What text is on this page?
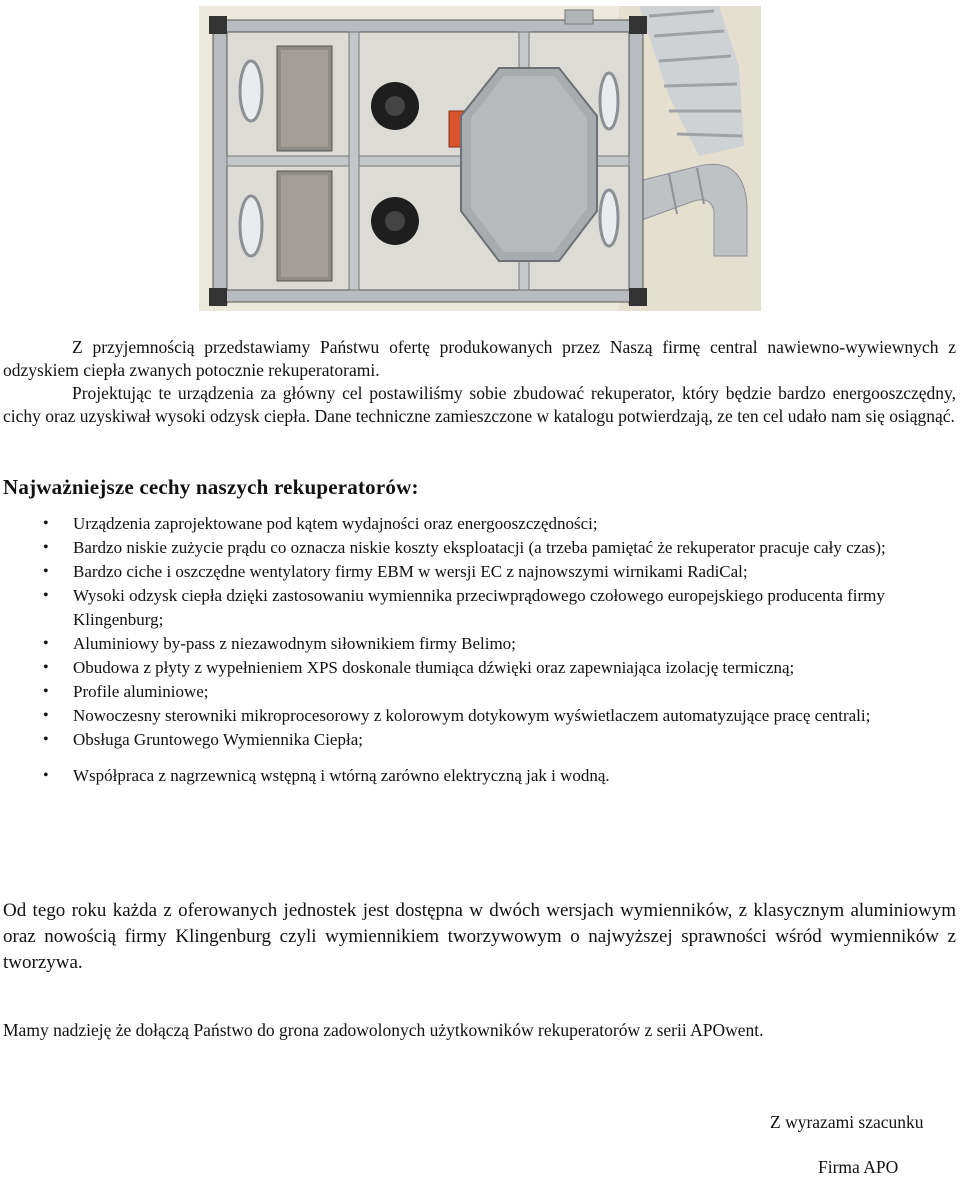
Z przyjemnością przedstawiamy Państwu ofertę produkowanych przez Naszą firmę central nawiewno-wywiewnych z odzyskiem ciepła zwanych potocznie rekuperatorami.

Projektując te urządzenia za główny cel postawiliśmy sobie zbudować rekuperator, który będzie bardzo energooszczędny, cichy oraz uzyskiwał wysoki odzysk ciepła. Dane techniczne zamieszczone w katalogu potwierdzają, ze ten cel udało nam się osiągnąć.

Najważniejsze cechy naszych rekuperatorów:
• Urządzenia zaprojektowane pod kątem wydajności oraz energooszczędności;
• Bardzo niskie zużycie prądu co oznacza niskie koszty eksploatacji (a trzeba pamiętać że rekuperator pracuje cały czas);
• Bardzo ciche i oszczędne wentylatory firmy EBM w wersji EC z najnowszymi wirnikami RadiCal;
• Wysoki odzysk ciepła dzięki zastosowaniu wymiennika przeciwprądowego czołowego europejskiego producenta firmy Klingenburg;
• Aluminiowy by-pass z niezawodnym siłownikiem firmy Belimo;
• Obudowa z płyty z wypełnieniem XPS doskonale tłumiąca dźwięki oraz zapewniająca izolację termiczną;
• Profile aluminiowe;
• Nowoczesny sterowniki mikroprocesorowy z kolorowym dotykowym wyświetlaczem automatyzujące pracę centrali;
• Obsługa Gruntowego Wymiennika Ciepła;
• Współpraca z nagrzewnicą wstępną i wtórną zarówno elektryczną jak i wodną.

Od tego roku każda z oferowanych jednostek jest dostępna w dwóch wersjach wymienników, z klasycznym aluminiowym oraz nowością firmy Klingenburg czyli wymiennikiem tworzywowym o najwyższej sprawności wśród wymienników z tworzywa.

Mamy nadzieję że dołączą Państwo do grona zadowolonych użytkowników rekuperatorów z serii APOwent.

Z wyrazami szacunku

Firma APO
